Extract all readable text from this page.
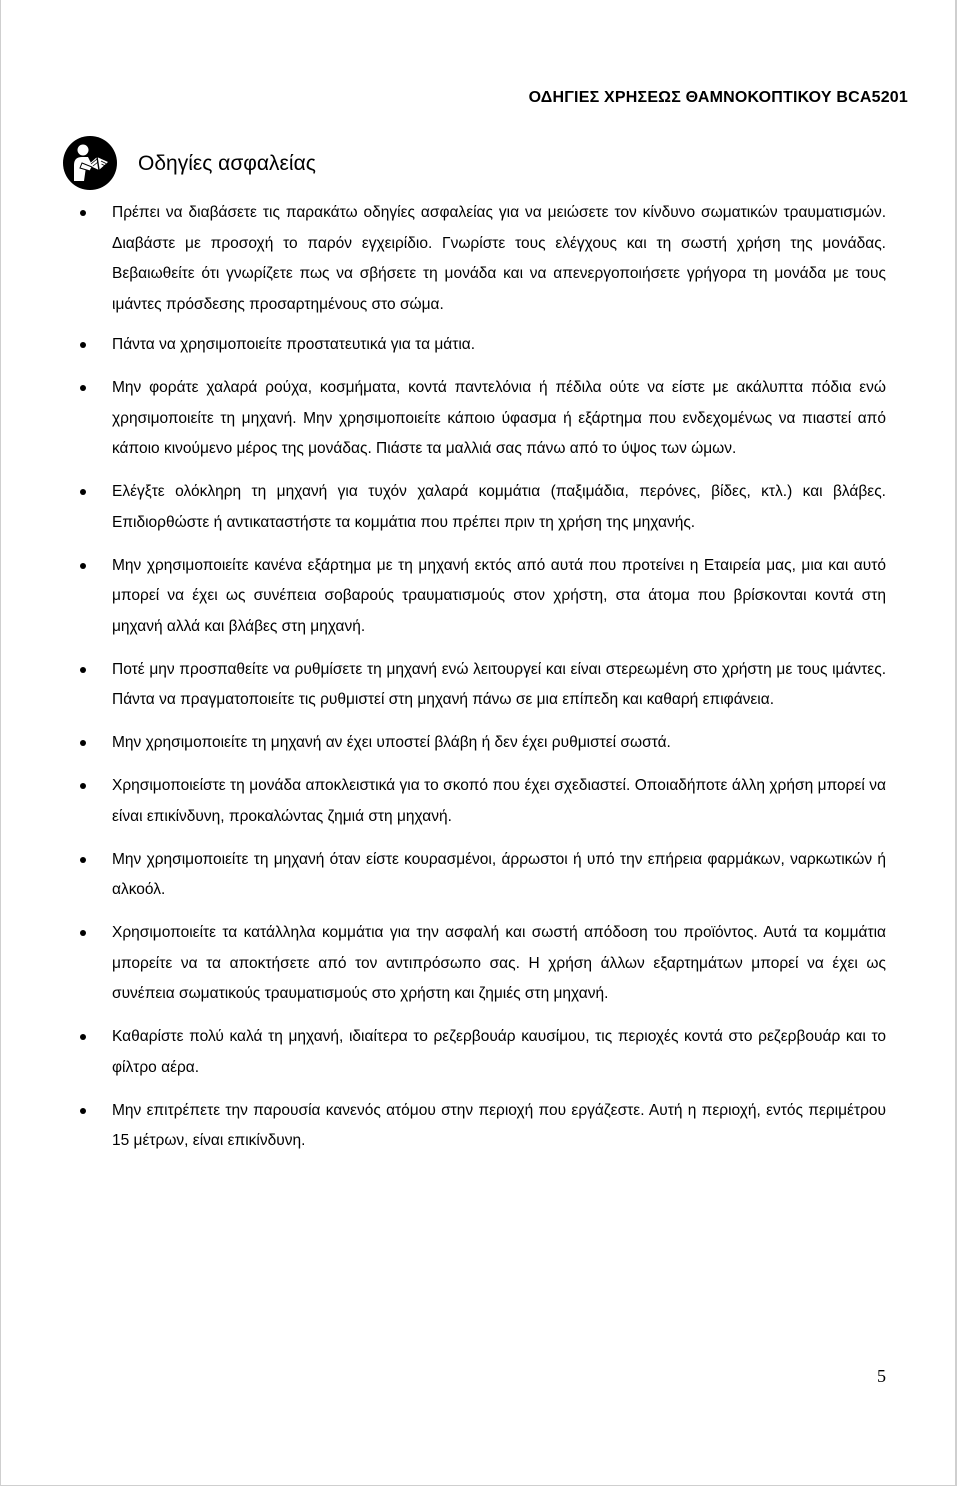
ΟΔΗΓΙΕΣ ΧΡΗΣΕΩΣ ΘΑΜΝΟΚΟΠΤΙΚΟΥ BCA5201
Οδηγίες ασφαλείας
Πρέπει να διαβάσετε τις παρακάτω οδηγίες ασφαλείας για να μειώσετε τον κίνδυνο σωματικών τραυματισμών. Διαβάστε με προσοχή το παρόν εγχειρίδιο. Γνωρίστε τους ελέγχους και τη σωστή χρήση της μονάδας. Βεβαιωθείτε ότι γνωρίζετε πως να σβήσετε τη μονάδα και να απενεργοποιήσετε γρήγορα τη μονάδα με τους ιμάντες πρόσδεσης προσαρτημένους στο σώμα.
Πάντα να χρησιμοποιείτε προστατευτικά για τα μάτια.
Μην φοράτε χαλαρά ρούχα, κοσμήματα, κοντά παντελόνια ή πέδιλα ούτε να είστε με ακάλυπτα πόδια ενώ χρησιμοποιείτε τη μηχανή. Μην χρησιμοποιείτε κάποιο ύφασμα ή εξάρτημα που ενδεχομένως να πιαστεί από κάποιο κινούμενο μέρος της μονάδας. Πιάστε τα μαλλιά σας πάνω από το ύψος των ώμων.
Ελέγξτε ολόκληρη τη μηχανή για τυχόν χαλαρά κομμάτια (παξιμάδια, περόνες, βίδες, κτλ.) και βλάβες. Επιδιορθώστε ή αντικαταστήστε τα κομμάτια που πρέπει πριν τη χρήση της μηχανής.
Μην χρησιμοποιείτε κανένα εξάρτημα με τη μηχανή εκτός από αυτά που προτείνει η Εταιρεία μας, μια και αυτό μπορεί να έχει ως συνέπεια σοβαρούς τραυματισμούς στον χρήστη, στα άτομα που βρίσκονται κοντά στη μηχανή αλλά και βλάβες στη μηχανή.
Ποτέ μην προσπαθείτε να ρυθμίσετε τη μηχανή ενώ λειτουργεί και είναι στερεωμένη στο χρήστη με τους ιμάντες. Πάντα να πραγματοποιείτε τις ρυθμιστεί στη μηχανή πάνω σε μια επίπεδη και καθαρή επιφάνεια.
Μην χρησιμοποιείτε τη μηχανή αν έχει υποστεί βλάβη ή δεν έχει ρυθμιστεί σωστά.
Χρησιμοποιείστε τη μονάδα αποκλειστικά για το σκοπό που έχει σχεδιαστεί. Οποιαδήποτε άλλη χρήση μπορεί να είναι επικίνδυνη, προκαλώντας ζημιά στη μηχανή.
Μην χρησιμοποιείτε τη μηχανή όταν είστε κουρασμένοι, άρρωστοι ή υπό την επήρεια φαρμάκων, ναρκωτικών ή αλκοόλ.
Χρησιμοποιείτε τα κατάλληλα κομμάτια για την ασφαλή και σωστή απόδοση του προϊόντος. Αυτά τα κομμάτια μπορείτε να τα αποκτήσετε από τον αντιπρόσωπο σας. Η χρήση άλλων εξαρτημάτων μπορεί να έχει ως συνέπεια σωματικούς τραυματισμούς στο χρήστη και ζημιές στη μηχανή.
Καθαρίστε πολύ καλά τη μηχανή, ιδιαίτερα το ρεζερβουάρ καυσίμου, τις περιοχές κοντά στο ρεζερβουάρ και το φίλτρο αέρα.
Μην επιτρέπετε την παρουσία κανενός ατόμου στην περιοχή που εργάζεστε. Αυτή η περιοχή, εντός περιμέτρου 15 μέτρων, είναι επικίνδυνη.
5
